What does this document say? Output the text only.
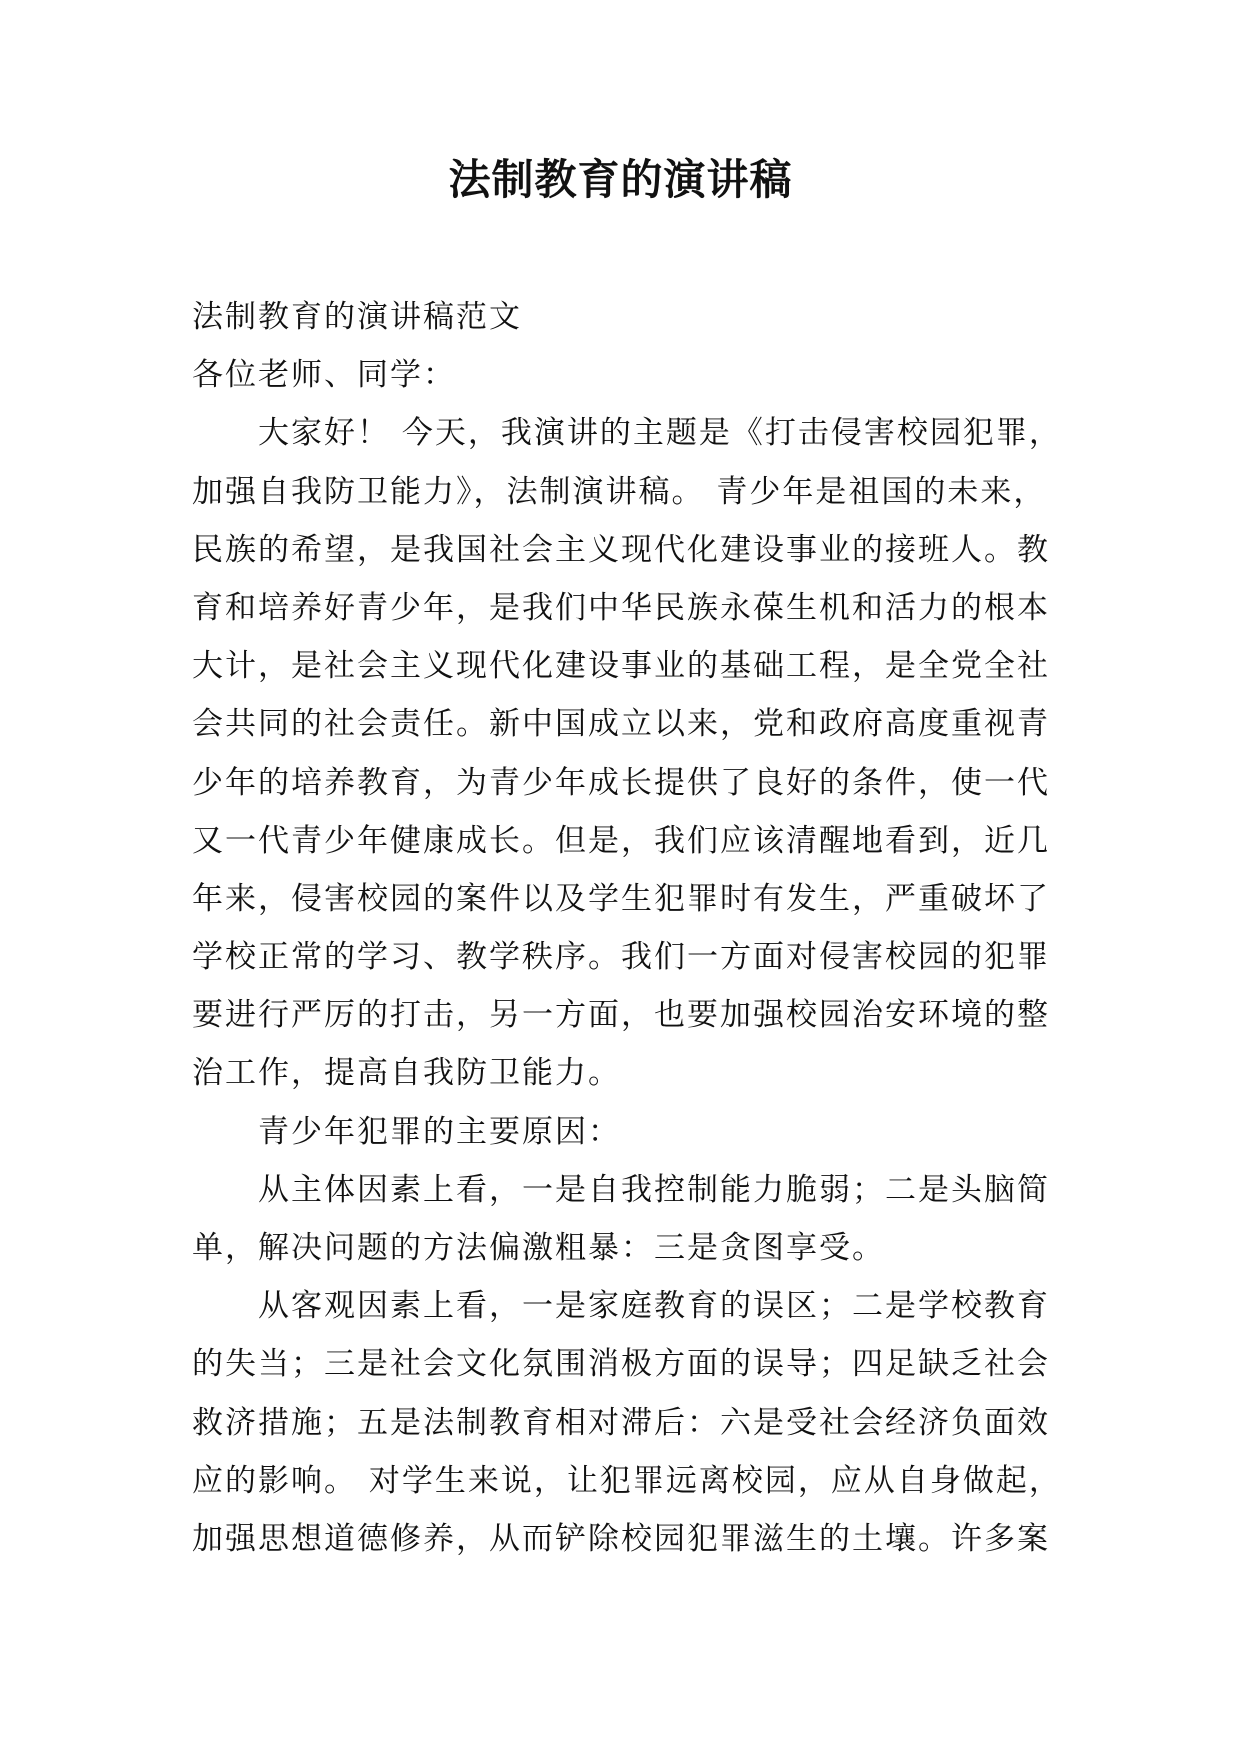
法制教育的演讲稿

法制教育的演讲稿范文

各位老师、同学：

大家好！ 今天，我演讲的主题是《打击侵害校园犯罪，

加强自我防卫能力》，法制演讲稿。 青少年是祖国的未来，

民族的希望，是我国社会主义现代化建设事业的接班人。教

育和培养好青少年，是我们中华民族永葆生机和活力的根本

大计，是社会主义现代化建设事业的基础工程，是全党全社

会共同的社会责任。新中国成立以来，党和政府高度重视青

少年的培养教育，为青少年成长提供了良好的条件，使一代

又一代青少年健康成长。但是，我们应该清醒地看到，近几

年来，侵害校园的案件以及学生犯罪时有发生，严重破坏了

学校正常的学习、教学秩序。我们一方面对侵害校园的犯罪

要进行严厉的打击，另一方面，也要加强校园治安环境的整

治工作，提高自我防卫能力。

青少年犯罪的主要原因：

从主体因素上看，一是自我控制能力脆弱；二是头脑简

单，解决问题的方法偏激粗暴：三是贪图享受。

从客观因素上看，一是家庭教育的误区；二是学校教育

的失当；三是社会文化氛围消极方面的误导；四足缺乏社会

救济措施；五是法制教育相对滞后：六是受社会经济负面效

应的影响。 对学生来说，让犯罪远离校园，应从自身做起，

加强思想道德修养，从而铲除校园犯罪滋生的土壤。许多案
